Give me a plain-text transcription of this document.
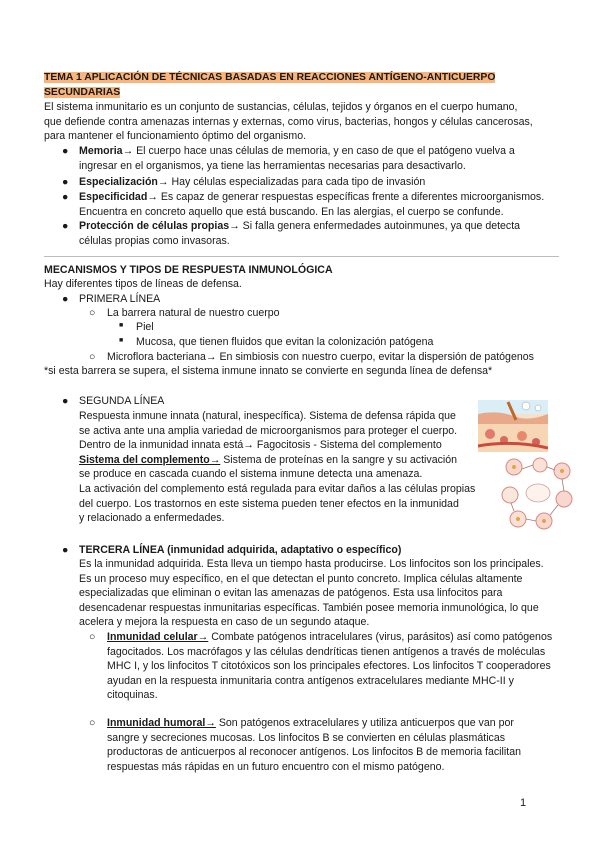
TEMA 1 APLICACIÓN DE TÉCNICAS BASADAS EN REACCIONES ANTÍGENO-ANTICUERPO
SECUNDARIAS
El sistema inmunitario es un conjunto de sustancias, células, tejidos y órganos en el cuerpo humano,
que defiende contra amenazas internas y externas, como virus, bacterias, hongos y células cancerosas,
para mantener el funcionamiento óptimo del organismo.
● Memoria→ El cuerpo hace unas células de memoria, y en caso de que el patógeno vuelva a
ingresar en el organismos, ya tiene las herramientas necesarias para desactivarlo.
● Especialización→ Hay células especializadas para cada tipo de invasión
● Especificidad→ Es capaz de generar respuestas específicas frente a diferentes microorganismos.
Encuentra en concreto aquello que está buscando. En las alergias, el cuerpo se confunde.
● Protección de células propias→ Si falla genera enfermedades autoinmunes, ya que detecta
células propias como invasoras.
MECANISMOS Y TIPOS DE RESPUESTA INMUNOLÓGICA
Hay diferentes tipos de líneas de defensa.
● PRIMERA LÍNEA
○ La barrera natural de nuestro cuerpo
■ Piel
■ Mucosa, que tienen fluidos que evitan la colonización patógena
○ Microflora bacteriana→ En simbiosis con nuestro cuerpo, evitar la dispersión de patógenos
*si esta barrera se supera, el sistema inmune innato se convierte en segunda línea de defensa*
● SEGUNDA LÍNEA
Respuesta inmune innata (natural, inespecífica). Sistema de defensa rápida que
se activa ante una amplia variedad de microorganismos para proteger el cuerpo.
Dentro de la inmunidad innata está→ Fagocitosis - Sistema del complemento
Sistema del complemento→ Sistema de proteínas en la sangre y su activación
se produce en cascada cuando el sistema inmune detecta una amenaza.
La activación del complemento está regulada para evitar daños a las células propias
del cuerpo. Los trastornos en este sistema pueden tener efectos en la inmunidad
y relacionado a enfermedades.
● TERCERA LÍNEA (inmunidad adquirida, adaptativo o específico)
Es la inmunidad adquirida. Esta lleva un tiempo hasta producirse. Los linfocitos son los principales.
Es un proceso muy específico, en el que detectan el punto concreto. Implica células altamente
especializadas que eliminan o evitan las amenazas de patógenos. Esta usa linfocitos para
desencadenar respuestas inmunitarias específicas. También posee memoria inmunológica, lo que
acelera y mejora la respuesta en caso de un segundo ataque.
○ Inmunidad celular→ Combate patógenos intracelulares (virus, parásitos) así como patógenos
fagocitados. Los macrófagos y las células dendríticas tienen antígenos a través de moléculas
MHC I, y los linfocitos T citotóxicos son los principales efectores. Los linfocitos T cooperadores
ayudan en la respuesta inmunitaria contra antígenos extracelulares mediante MHC-II y
citoquinas.
○ Inmunidad humoral→ Son patógenos extracelulares y utiliza anticuerpos que van por
sangre y secreciones mucosas. Los linfocitos B se convierten en células plasmáticas
productoras de anticuerpos al reconocer antígenos. Los linfocitos B de memoria facilitan
respuestas más rápidas en un futuro encuentro con el mismo patógeno.
1
